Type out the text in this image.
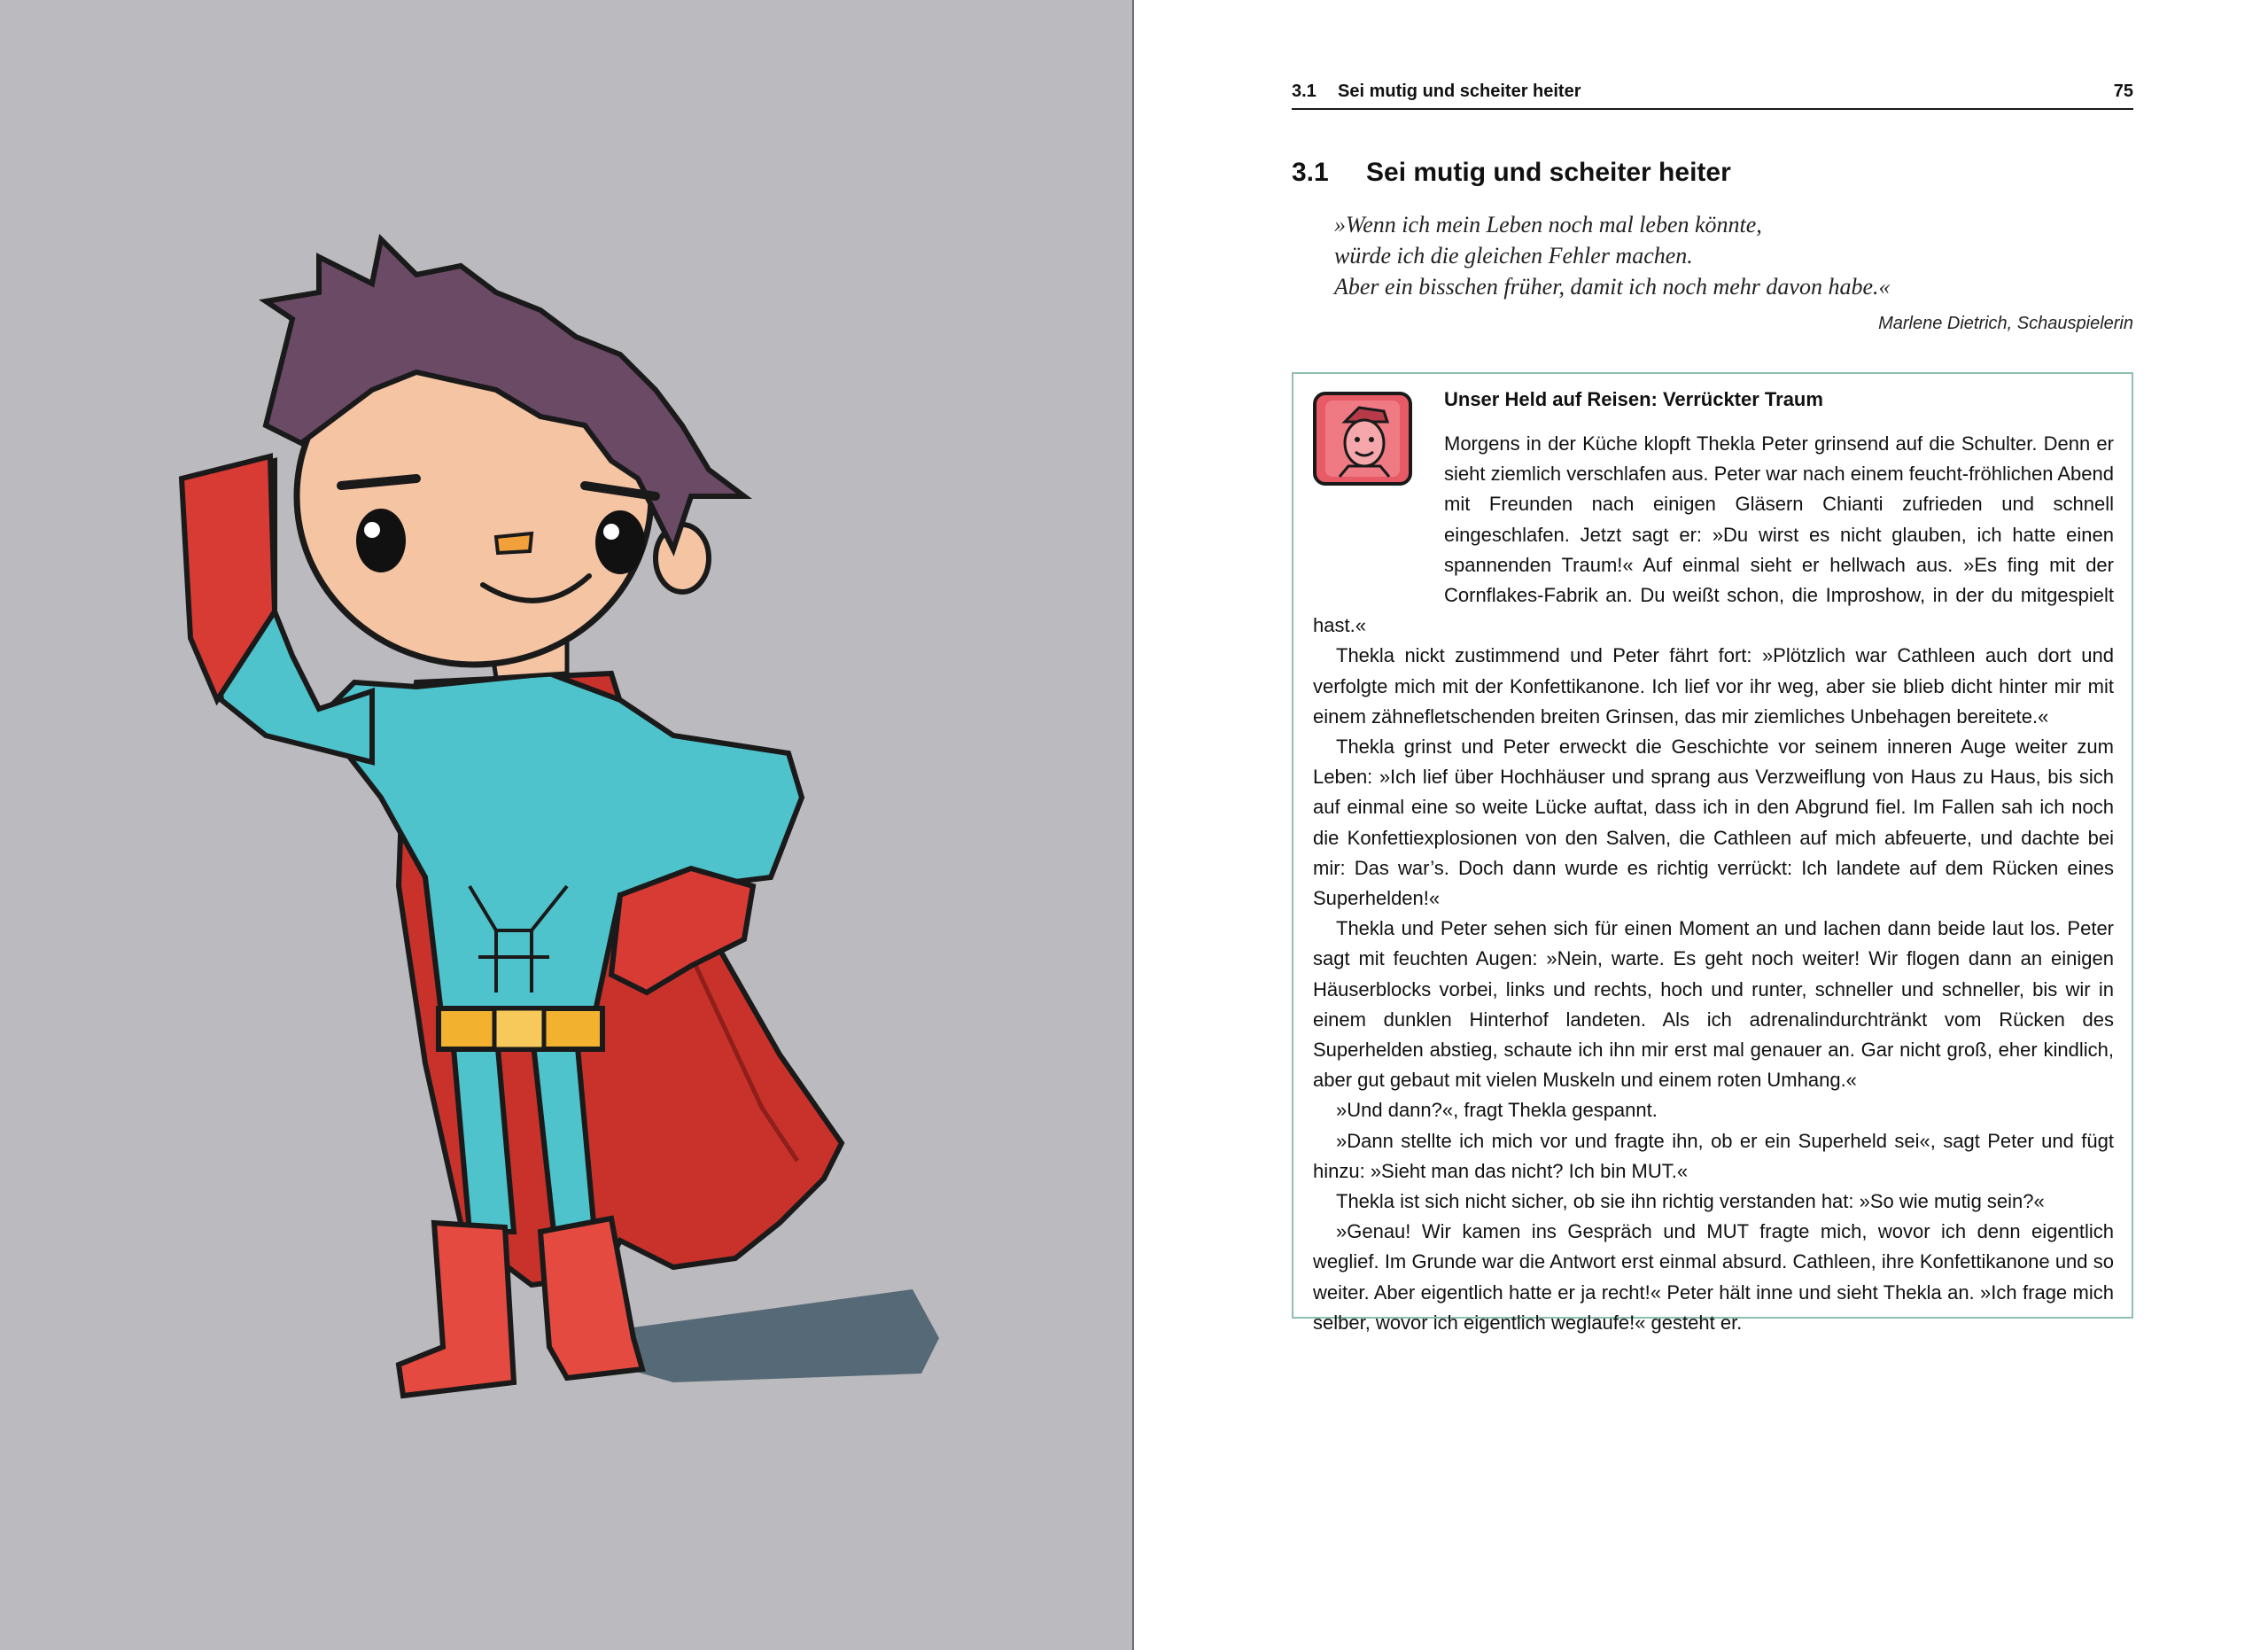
3.1 Sei mutig und scheiter heiter	75
3.1 Sei mutig und scheiter heiter
»Wenn ich mein Leben noch mal leben könnte,
würde ich die gleichen Fehler machen.
Aber ein bisschen früher, damit ich noch mehr davon habe.«
Marlene Dietrich, Schauspielerin
Unser Held auf Reisen: Verrückter Traum

Morgens in der Küche klopft Thekla Peter grinsend auf die Schulter. Denn er sieht ziemlich verschlafen aus. Peter war nach einem feucht-fröhlichen Abend mit Freunden nach einigen Gläsern Chianti zufrieden und schnell eingeschlafen. Jetzt sagt er: »Du wirst es nicht glauben, ich hatte einen spannenden Traum!« Auf einmal sieht er hellwach aus. »Es fing mit der Cornflakes-Fabrik an. Du weißt schon, die Improshow, in der du mitgespielt hast.«

Thekla nickt zustimmend und Peter fährt fort: »Plötzlich war Cathleen auch dort und verfolgte mich mit der Konfettikanone. Ich lief vor ihr weg, aber sie blieb dicht hinter mir mit einem zähnefletschenden breiten Grinsen, das mir ziemliches Unbehagen bereitete.«

Thekla grinst und Peter erweckt die Geschichte vor seinem inneren Auge weiter zum Leben: »Ich lief über Hochhäuser und sprang aus Verzweiflung von Haus zu Haus, bis sich auf einmal eine so weite Lücke auftat, dass ich in den Abgrund fiel. Im Fallen sah ich noch die Konfettiexplosionen von den Salven, die Cathleen auf mich abfeuerte, und dachte bei mir: Das war’s. Doch dann wurde es richtig verrückt: Ich landete auf dem Rücken eines Superhelden!«

Thekla und Peter sehen sich für einen Moment an und lachen dann beide laut los. Peter sagt mit feuchten Augen: »Nein, warte. Es geht noch weiter! Wir flogen dann an einigen Häuserblocks vorbei, links und rechts, hoch und runter, schneller und schneller, bis wir in einem dunklen Hinterhof landeten. Als ich adrenalindurchtränkt vom Rücken des Superhelden abstieg, schaute ich ihn mir erst mal genauer an. Gar nicht groß, eher kindlich, aber gut gebaut mit vielen Muskeln und einem roten Umhang.«

»Und dann?«, fragt Thekla gespannt.

»Dann stellte ich mich vor und fragte ihn, ob er ein Superheld sei«, sagt Peter und fügt hinzu: »Sieht man das nicht? Ich bin MUT.«

Thekla ist sich nicht sicher, ob sie ihn richtig verstanden hat: »So wie mutig sein?«

»Genau! Wir kamen ins Gespräch und MUT fragte mich, wovor ich denn eigentlich weglief. Im Grunde war die Antwort erst einmal absurd. Cathleen, ihre Konfettikanone und so weiter. Aber eigentlich hatte er ja recht!« Peter hält inne und sieht Thekla an. »Ich frage mich selber, wovor ich eigentlich weglaufe!« gesteht er.
